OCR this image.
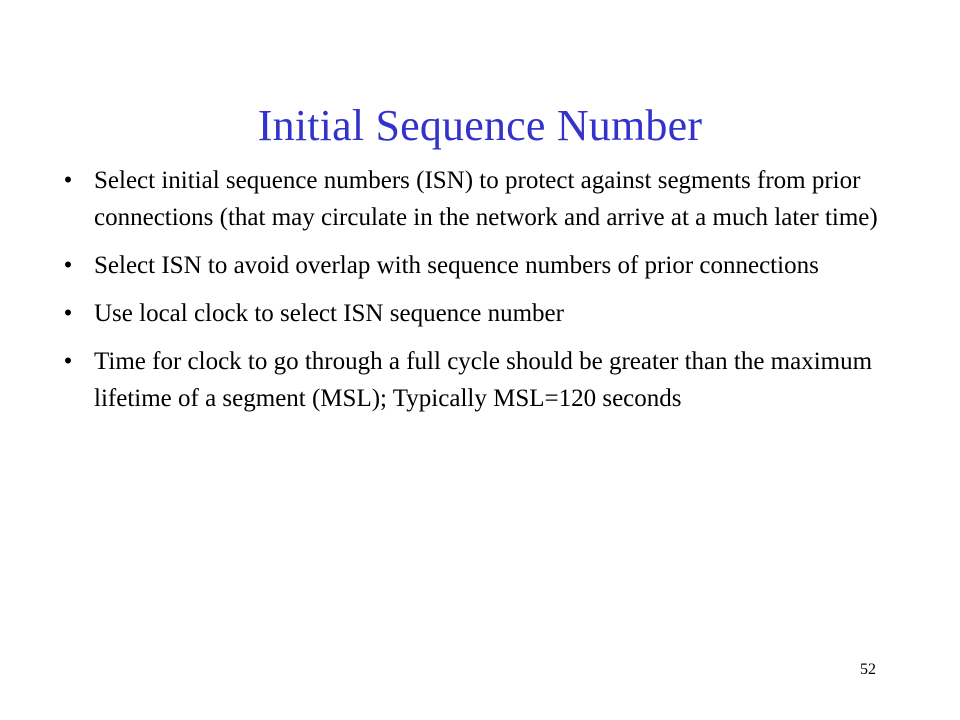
Initial Sequence Number
• Select initial sequence numbers (ISN) to protect against segments from prior connections (that may circulate in the network and arrive at a much later time)
• Select ISN to avoid overlap with sequence numbers of prior connections
• Use local clock to select ISN sequence number
• Time for clock to go through a full cycle should be greater than the maximum lifetime of a segment (MSL); Typically MSL=120 seconds
52
